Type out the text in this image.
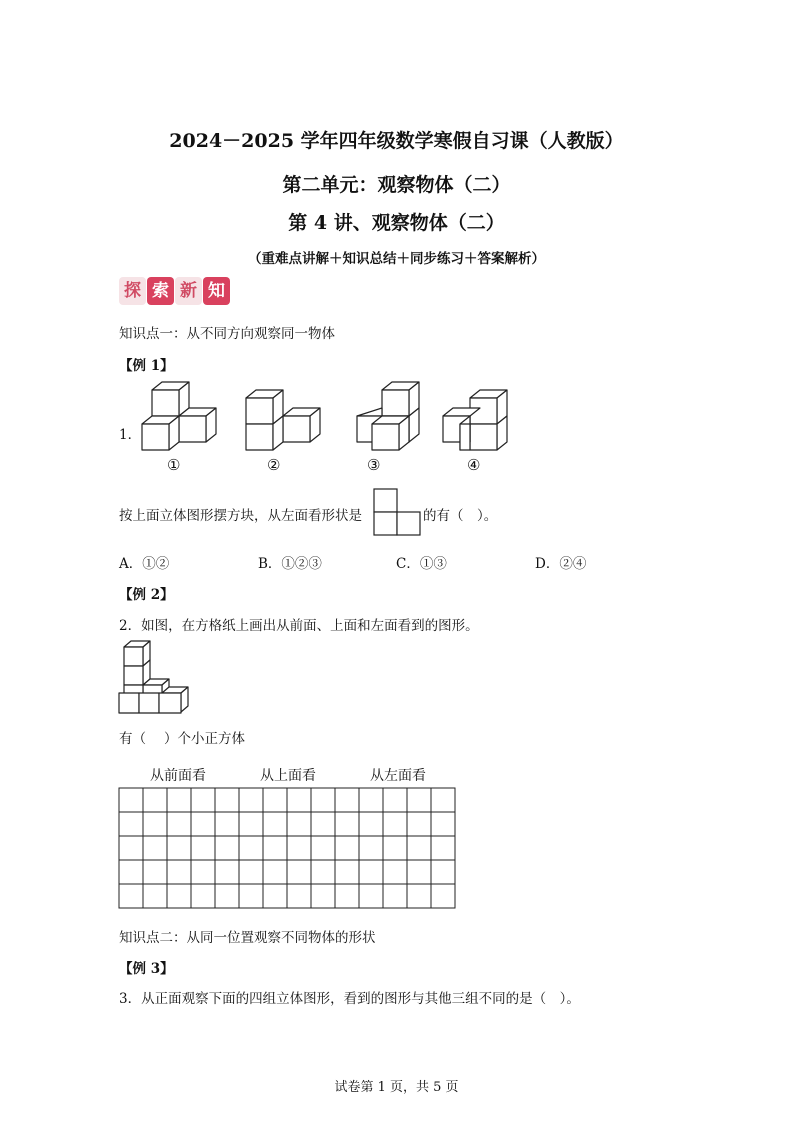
2024－2025 学年四年级数学寒假自习课（人教版）
第二单元：观察物体（二）
第 4 讲、观察物体（二）
（重难点讲解＋知识总结＋同步练习＋答案解析）
探 索 新 知
知识点一：从不同方向观察同一物体
【例 1】
1．
①	②	③	④
按上面立体图形摆方块，从左面看形状是	的有（　）。
A．①②	B．①②③	C．①③	D．②④
【例 2】
2．如图，在方格纸上画出从前面、上面和左面看到的图形。
有（ ）个小正方体
从前面看	从上面看	从左面看
知识点二：从同一位置观察不同物体的形状
【例 3】
3．从正面观察下面的四组立体图形，看到的图形与其他三组不同的是（　）。
试卷第 1 页，共 5 页
